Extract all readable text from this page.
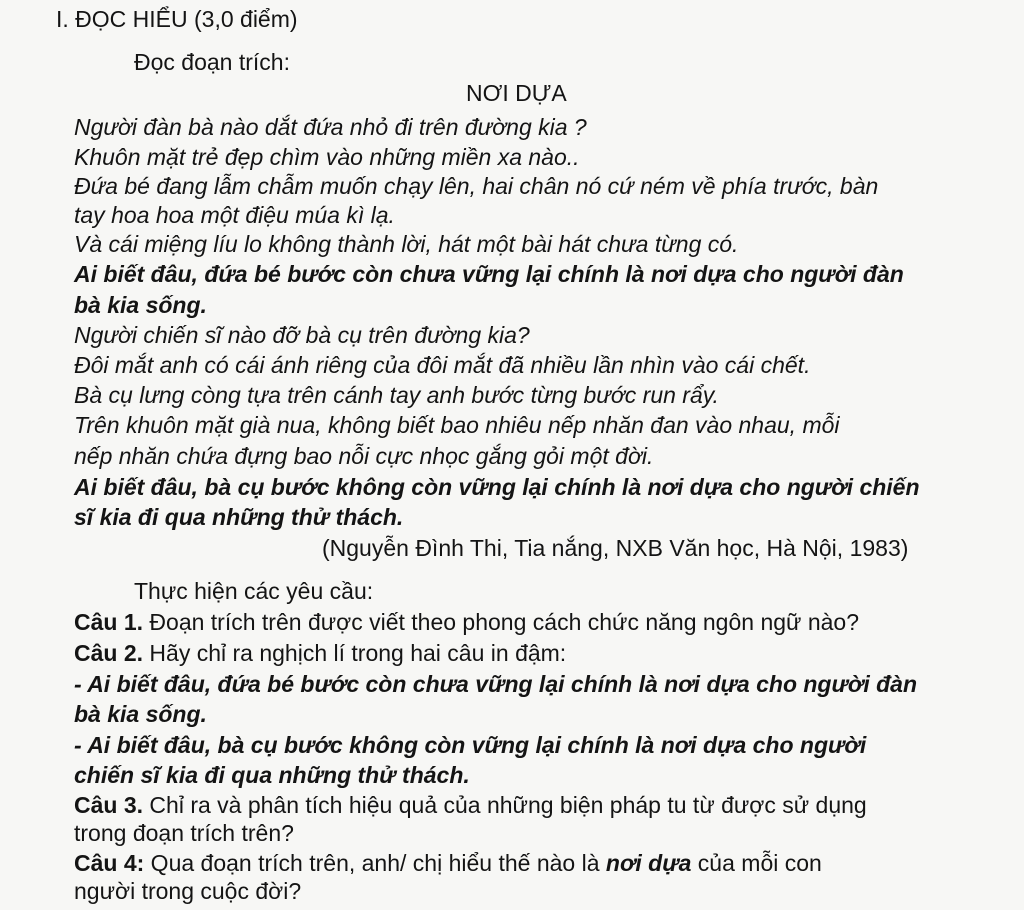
I. ĐỌC HIỂU (3,0 điểm)
Đọc đoạn trích:
NƠI DỰA
Người đàn bà nào dắt đứa nhỏ đi trên đường kia ?
Khuôn mặt trẻ đẹp chìm vào những miền xa nào..
Đứa bé đang lẫm chẫm muốn chạy lên, hai chân nó cứ ném về phía trước, bàn
tay hoa hoa một điệu múa kì lạ.
Và cái miệng líu lo không thành lời, hát một bài hát chưa từng có.
Ai biết đâu, đứa bé bước còn chưa vững lại chính là nơi dựa cho người đàn
bà kia sống.
Người chiến sĩ nào đỡ bà cụ trên đường kia?
Đôi mắt anh có cái ánh riêng của đôi mắt đã nhiều lần nhìn vào cái chết.
Bà cụ lưng còng tựa trên cánh tay anh bước từng bước run rẩy.
Trên khuôn mặt già nua, không biết bao nhiêu nếp nhăn đan vào nhau, mỗi
nếp nhăn chứa đựng bao nỗi cực nhọc gắng gỏi một đời.
Ai biết đâu, bà cụ bước không còn vững lại chính là nơi dựa cho người chiến
sĩ kia đi qua những thử thách.
(Nguyễn Đình Thi, Tia nắng, NXB Văn học, Hà Nội, 1983)
Thực hiện các yêu cầu:
Câu 1. Đoạn trích trên được viết theo phong cách chức năng ngôn ngữ nào?
Câu 2. Hãy chỉ ra nghịch lí trong hai câu in đậm:
- Ai biết đâu, đứa bé bước còn chưa vững lại chính là nơi dựa cho người đàn
bà kia sống.
- Ai biết đâu, bà cụ bước không còn vững lại chính là nơi dựa cho người
chiến sĩ kia đi qua những thử thách.
Câu 3. Chỉ ra và phân tích hiệu quả của những biện pháp tu từ được sử dụng
trong đoạn trích trên?
Câu 4: Qua đoạn trích trên, anh/ chị hiểu thế nào là nơi dựa của mỗi con
người trong cuộc đời?
